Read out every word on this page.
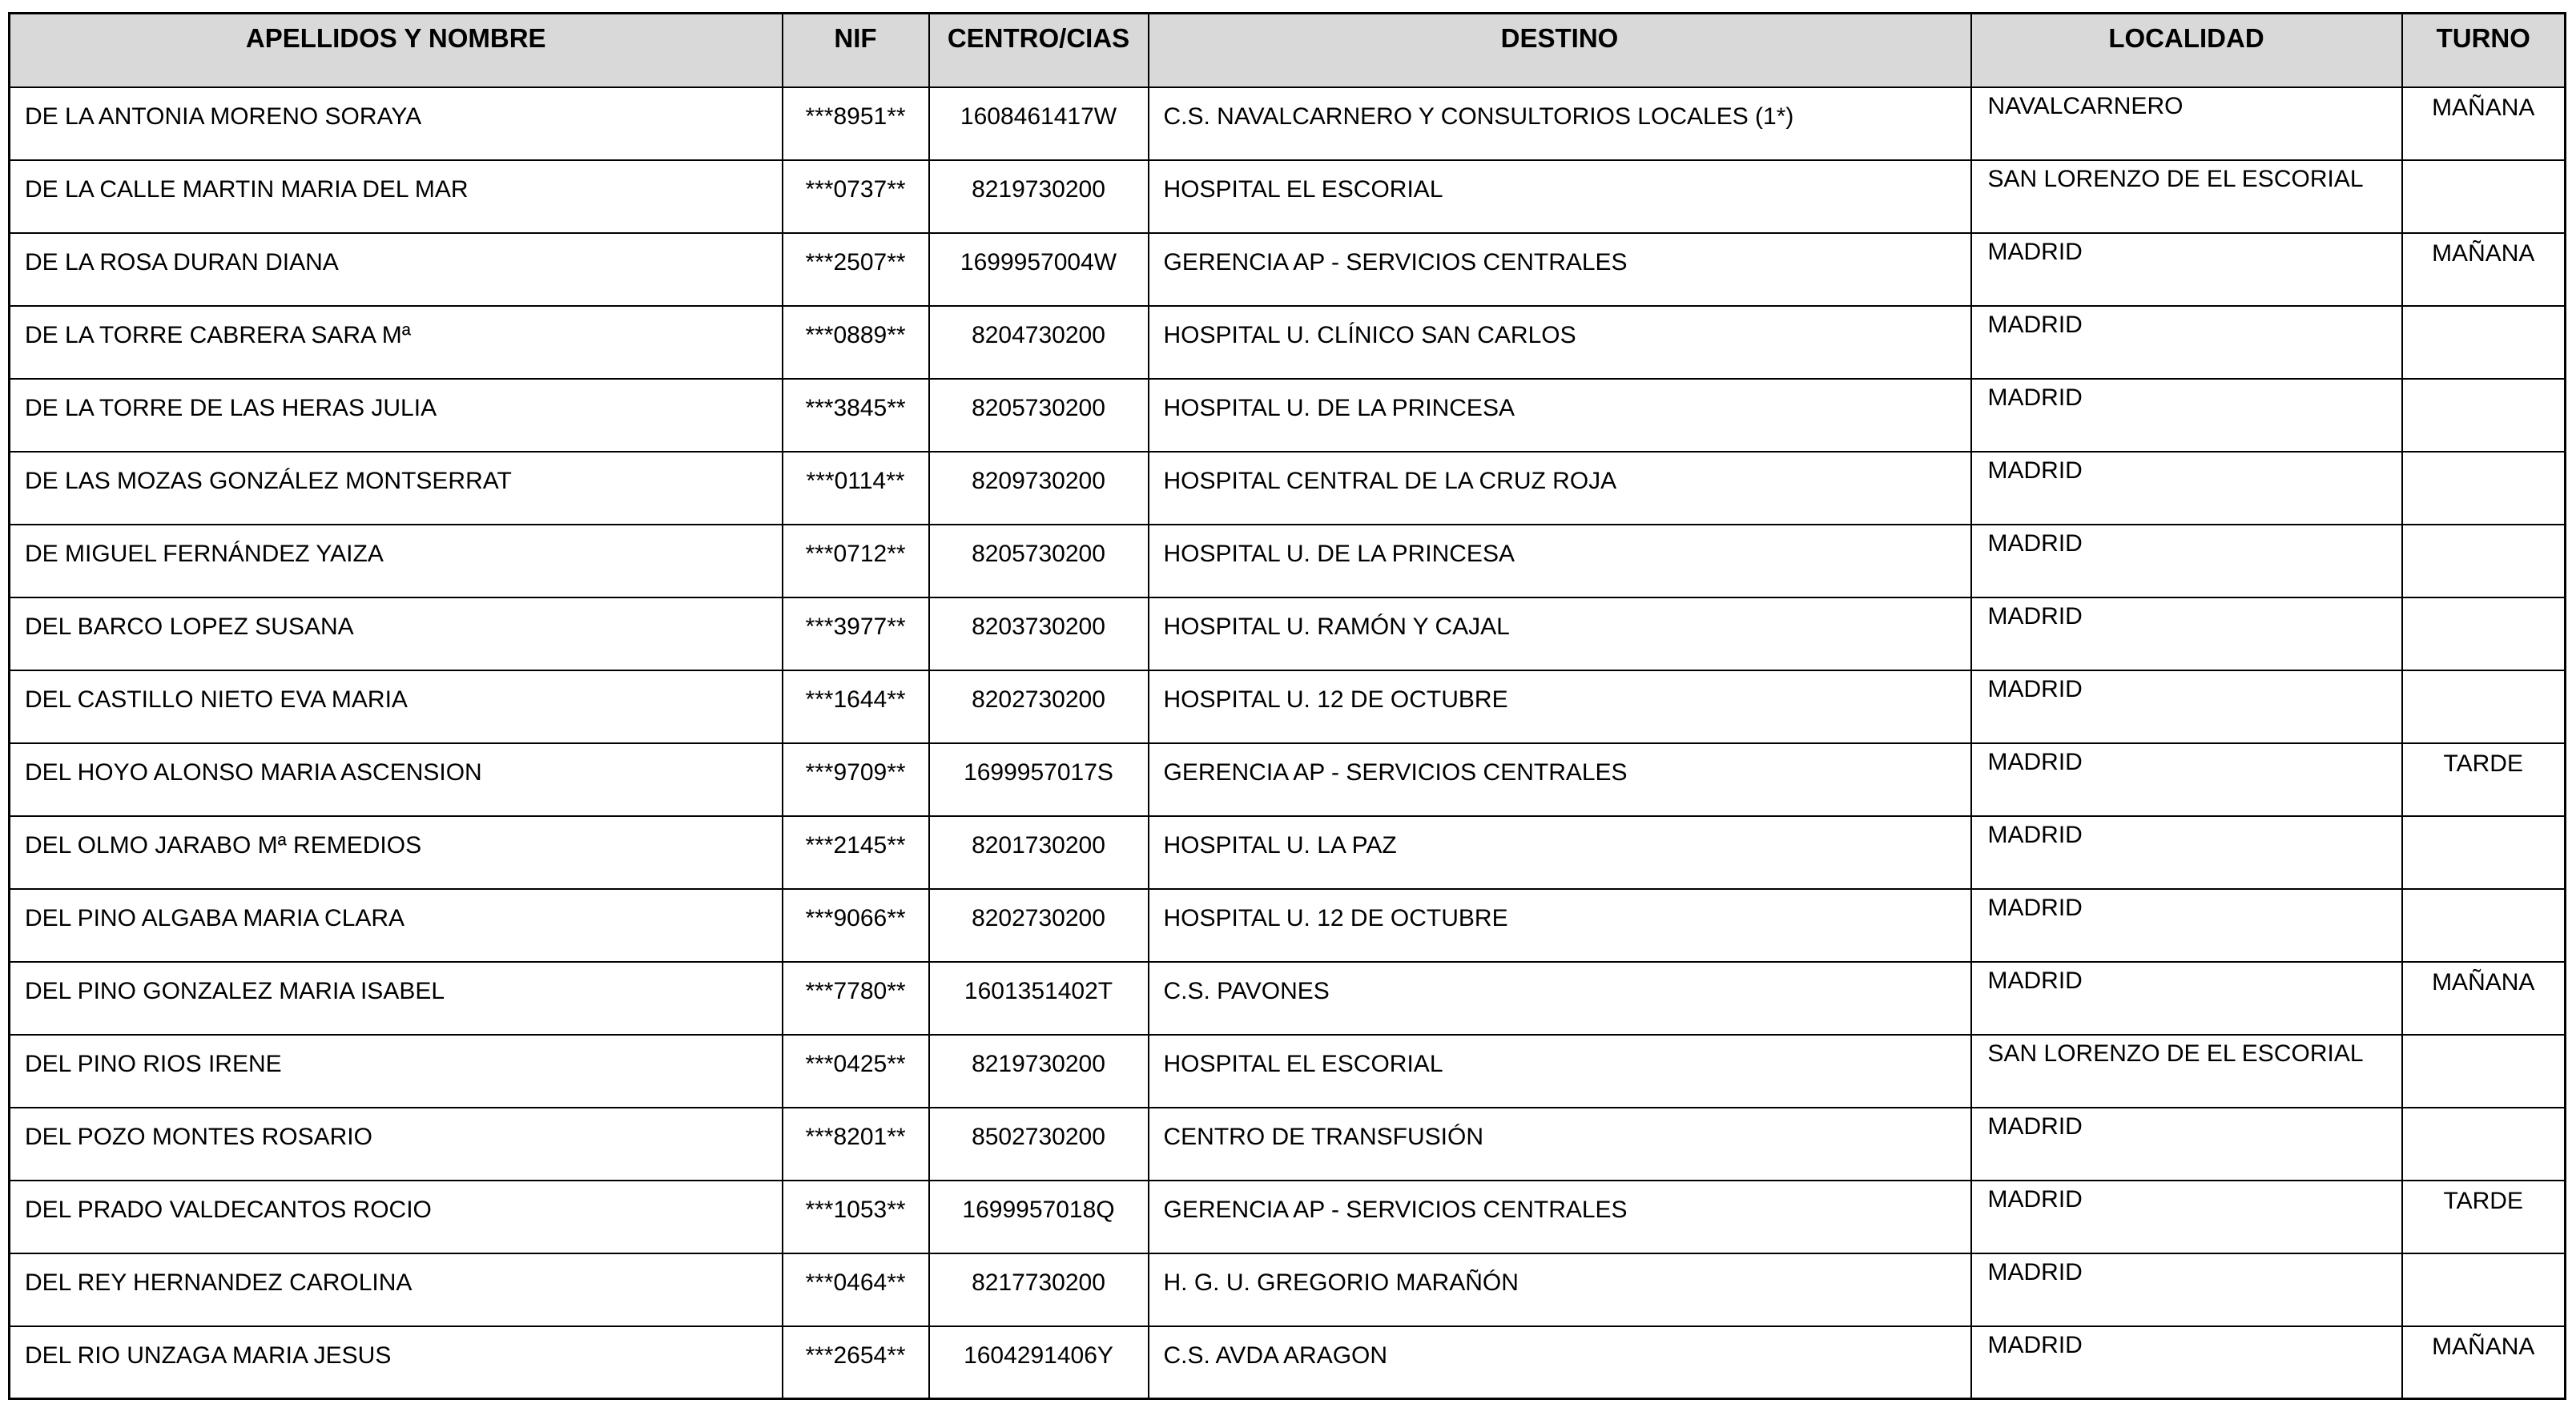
APELLIDOS Y NOMBRE	NIF	CENTRO/CIAS	DESTINO	LOCALIDAD	TURNO
DE LA ANTONIA MORENO SORAYA	***8951**	1608461417W	C.S. NAVALCARNERO Y CONSULTORIOS LOCALES (1*)	NAVALCARNERO	MAÑANA
DE LA CALLE MARTIN MARIA DEL MAR	***0737**	8219730200	HOSPITAL EL ESCORIAL	SAN LORENZO DE EL ESCORIAL	
DE LA ROSA DURAN DIANA	***2507**	1699957004W	GERENCIA AP - SERVICIOS CENTRALES	MADRID	MAÑANA
DE LA TORRE CABRERA SARA Mª	***0889**	8204730200	HOSPITAL U. CLÍNICO SAN CARLOS	MADRID	
DE LA TORRE DE LAS HERAS JULIA	***3845**	8205730200	HOSPITAL U. DE LA PRINCESA	MADRID	
DE LAS MOZAS GONZÁLEZ MONTSERRAT	***0114**	8209730200	HOSPITAL CENTRAL DE LA CRUZ ROJA	MADRID	
DE MIGUEL FERNÁNDEZ YAIZA	***0712**	8205730200	HOSPITAL U. DE LA PRINCESA	MADRID	
DEL BARCO LOPEZ SUSANA	***3977**	8203730200	HOSPITAL U. RAMÓN Y CAJAL	MADRID	
DEL CASTILLO NIETO EVA MARIA	***1644**	8202730200	HOSPITAL U. 12 DE OCTUBRE	MADRID	
DEL HOYO ALONSO MARIA ASCENSION	***9709**	1699957017S	GERENCIA AP - SERVICIOS CENTRALES	MADRID	TARDE
DEL OLMO JARABO Mª REMEDIOS	***2145**	8201730200	HOSPITAL U. LA PAZ	MADRID	
DEL PINO ALGABA MARIA CLARA	***9066**	8202730200	HOSPITAL U. 12 DE OCTUBRE	MADRID	
DEL PINO GONZALEZ MARIA ISABEL	***7780**	1601351402T	C.S. PAVONES	MADRID	MAÑANA
DEL PINO RIOS IRENE	***0425**	8219730200	HOSPITAL EL ESCORIAL	SAN LORENZO DE EL ESCORIAL	
DEL POZO MONTES ROSARIO	***8201**	8502730200	CENTRO DE TRANSFUSIÓN	MADRID	
DEL PRADO VALDECANTOS ROCIO	***1053**	1699957018Q	GERENCIA AP - SERVICIOS CENTRALES	MADRID	TARDE
DEL REY HERNANDEZ CAROLINA	***0464**	8217730200	H. G. U. GREGORIO MARAÑÓN	MADRID	
DEL RIO UNZAGA MARIA JESUS	***2654**	1604291406Y	C.S. AVDA ARAGON	MADRID	MAÑANA
